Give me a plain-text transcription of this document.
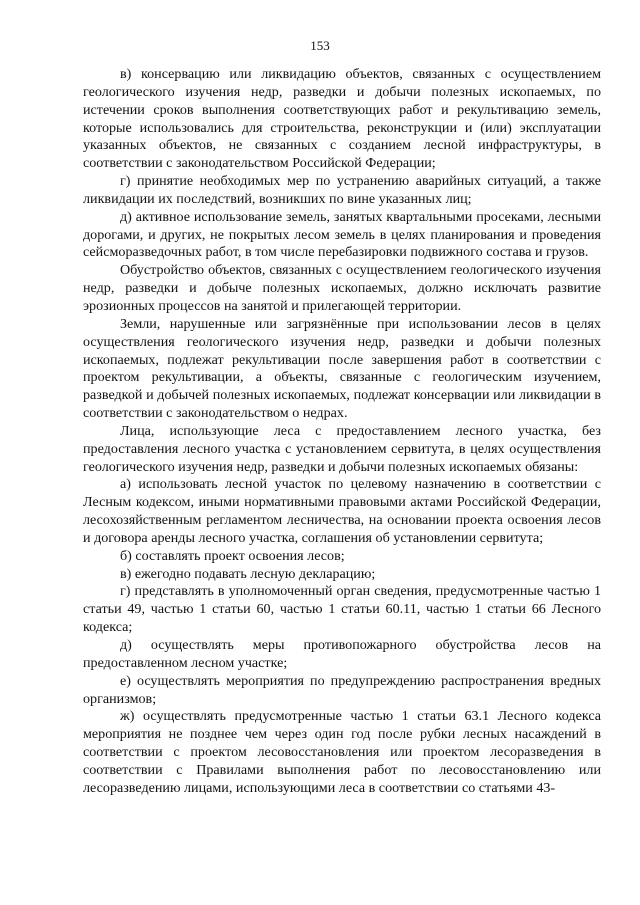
153

в) консервацию или ликвидацию объектов, связанных с осуществлением геологического изучения недр, разведки и добычи полезных ископаемых, по истечении сроков выполнения соответствующих работ и рекультивацию земель, которые использовались для строительства, реконструкции и (или) эксплуатации указанных объектов, не связанных с созданием лесной инфраструктуры, в соответствии с законодательством Российской Федерации;

г) принятие необходимых мер по устранению аварийных ситуаций, а также ликвидации их последствий, возникших по вине указанных лиц;

д) активное использование земель, занятых квартальными просеками, лесными дорогами, и других, не покрытых лесом земель в целях планирования и проведения сейсморазведочных работ, в том числе перебазировки подвижного состава и грузов.

Обустройство объектов, связанных с осуществлением геологического изучения недр, разведки и добыче полезных ископаемых, должно исключать развитие эрозионных процессов на занятой и прилегающей территории.

Земли, нарушенные или загрязнённые при использовании лесов в целях осуществления геологического изучения недр, разведки и добычи полезных ископаемых, подлежат рекультивации после завершения работ в соответствии с проектом рекультивации, а объекты, связанные с геологическим изучением, разведкой и добычей полезных ископаемых, подлежат консервации или ликвидации в соответствии с законодательством о недрах.

Лица, использующие леса с предоставлением лесного участка, без предоставления лесного участка с установлением сервитута, в целях осуществления геологического изучения недр, разведки и добычи полезных ископаемых обязаны:

а) использовать лесной участок по целевому назначению в соответствии с Лесным кодексом, иными нормативными правовыми актами Российской Федерации, лесохозяйственным регламентом лесничества, на основании проекта освоения лесов и договора аренды лесного участка, соглашения об установлении сервитута;

б) составлять проект освоения лесов;

в) ежегодно подавать лесную декларацию;

г) представлять в уполномоченный орган сведения, предусмотренные частью 1 статьи 49, частью 1 статьи 60, частью 1 статьи 60.11, частью 1 статьи 66 Лесного кодекса;

д) осуществлять меры противопожарного обустройства лесов на предоставленном лесном участке;

е) осуществлять мероприятия по предупреждению распространения вредных организмов;

ж) осуществлять предусмотренные частью 1 статьи 63.1 Лесного кодекса мероприятия не позднее чем через один год после рубки лесных насаждений в соответствии с проектом лесовосстановления или проектом лесоразведения в соответствии с Правилами выполнения работ по лесовосстановлению или лесоразведению лицами, использующими леса в соответствии со статьями 43-
